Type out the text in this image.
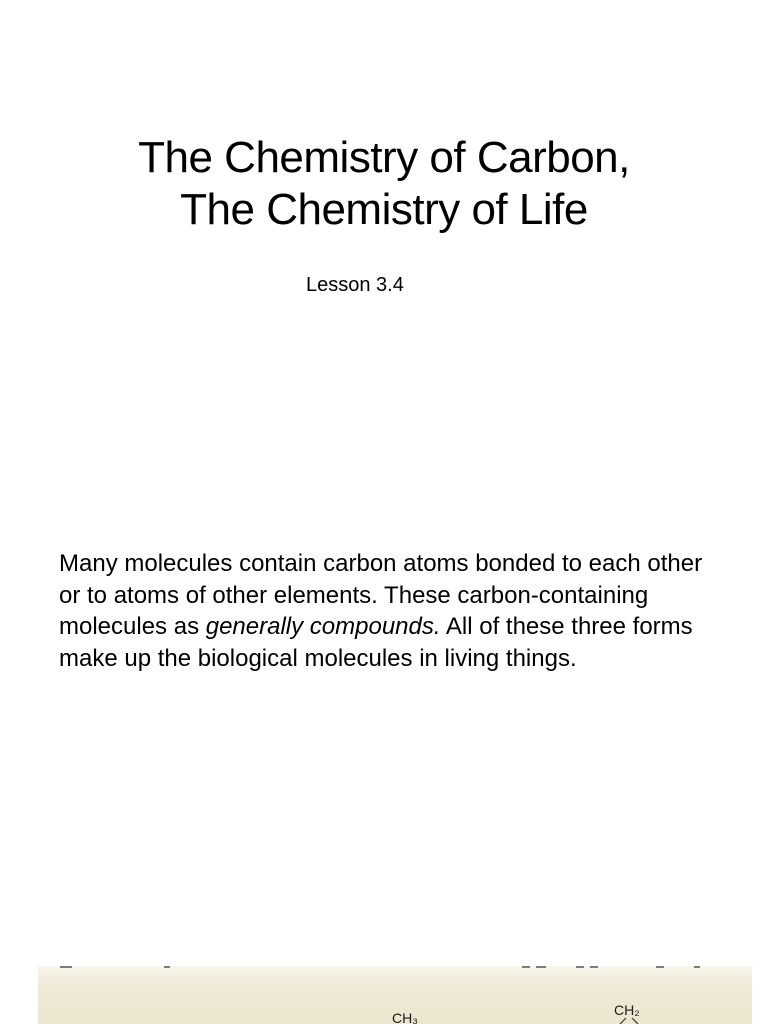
The Chemistry of Carbon,
The Chemistry of Life
Lesson 3.4

Many molecules contain carbon atoms bonded to each other or to atoms of other elements. These carbon-containing molecules as generally compounds. All of these three forms make up the biological molecules in living things.

CH₃	CH₂
